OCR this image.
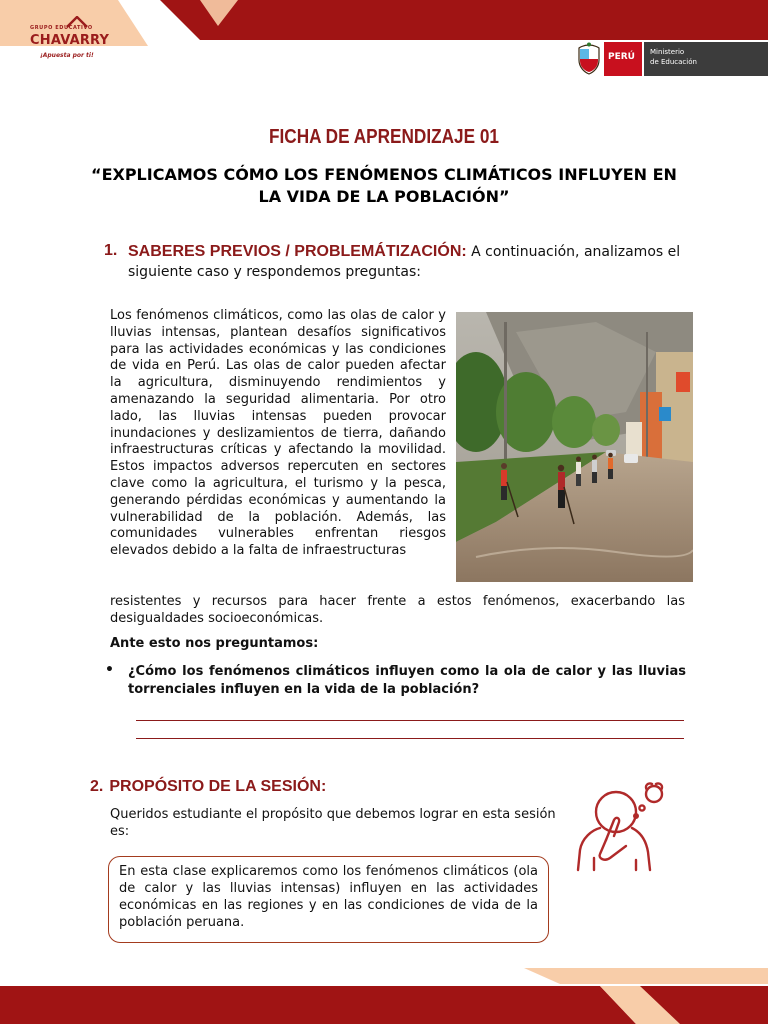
GRUPO EDUCATIVO
CHAVARRY
¡Apuesta por ti!	PERÚ	Ministerio
de Educación
FICHA DE APRENDIZAJE 01
“EXPLICAMOS CÓMO LOS FENÓMENOS CLIMÁTICOS INFLUYEN EN LA VIDA DE LA POBLACIÓN”
1. SABERES PREVIOS / PROBLEMÁTIZACIÓN: A continuación, analizamos el siguiente caso y respondemos preguntas:
Los fenómenos climáticos, como las olas de calor y lluvias intensas, plantean desafíos significativos para las actividades económicas y las condiciones de vida en Perú. Las olas de calor pueden afectar la agricultura, disminuyendo rendimientos y amenazando la seguridad alimentaria. Por otro lado, las lluvias intensas pueden provocar inundaciones y deslizamientos de tierra, dañando infraestructuras críticas y afectando la movilidad. Estos impactos adversos repercuten en sectores clave como la agricultura, el turismo y la pesca, generando pérdidas económicas y aumentando la vulnerabilidad de la población. Además, las comunidades vulnerables enfrentan riesgos elevados debido a la falta de infraestructuras
resistentes y recursos para hacer frente a estos fenómenos, exacerbando las desigualdades socioeconómicas.
Ante esto nos preguntamos:
• ¿Cómo los fenómenos climáticos influyen como la ola de calor y las lluvias torrenciales influyen en la vida de la población?
2. PROPÓSITO DE LA SESIÓN:
Queridos estudiante el propósito que debemos lograr en esta sesión es:
En esta clase explicaremos como los fenómenos climáticos (ola de calor y las lluvias intensas) influyen en las actividades económicas en las regiones y en las condiciones de vida de la población peruana.
